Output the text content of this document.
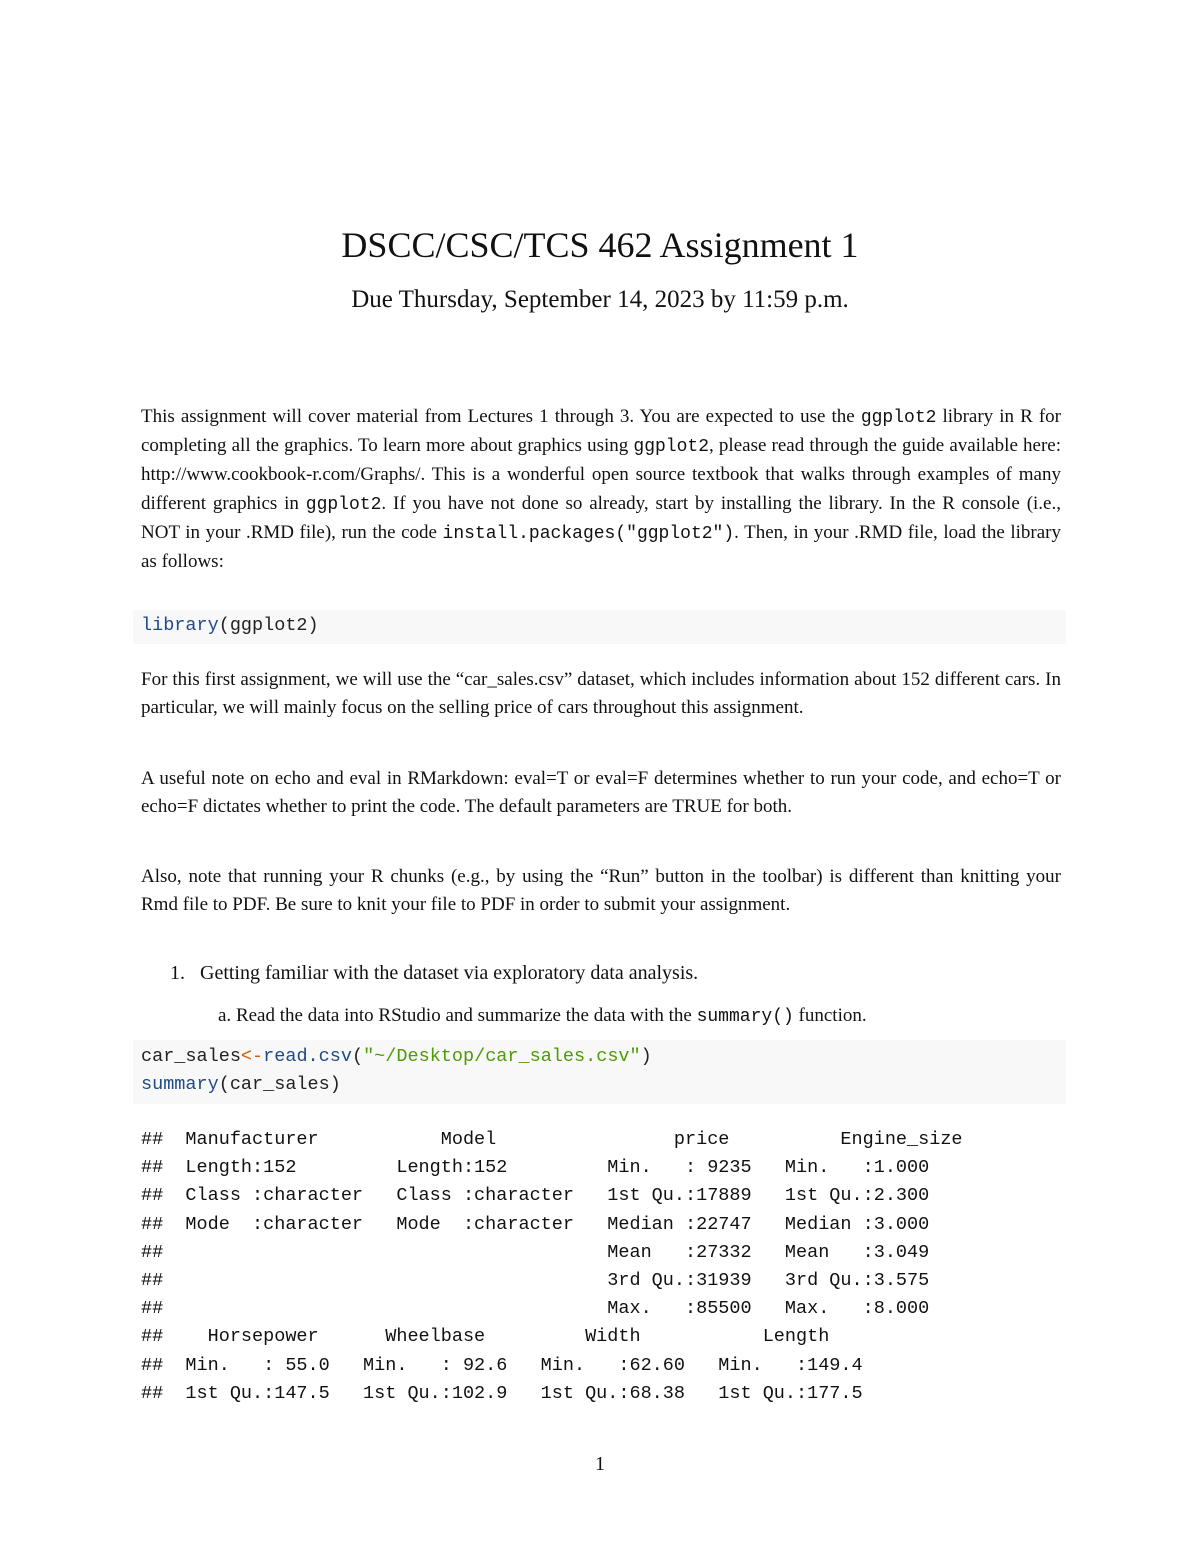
DSCC/CSC/TCS 462 Assignment 1
Due Thursday, September 14, 2023 by 11:59 p.m.
This assignment will cover material from Lectures 1 through 3. You are expected to use the ggplot2 library in R for completing all the graphics. To learn more about graphics using ggplot2, please read through the guide available here: http://www.cookbook-r.com/Graphs/. This is a wonderful open source textbook that walks through examples of many different graphics in ggplot2. If you have not done so already, start by installing the library. In the R console (i.e., NOT in your .RMD file), run the code install.packages("ggplot2"). Then, in your .RMD file, load the library as follows:
library(ggplot2)
For this first assignment, we will use the “car_sales.csv” dataset, which includes information about 152 different cars. In particular, we will mainly focus on the selling price of cars throughout this assignment.
A useful note on echo and eval in RMarkdown: eval=T or eval=F determines whether to run your code, and echo=T or echo=F dictates whether to print the code. The default parameters are TRUE for both.
Also, note that running your R chunks (e.g., by using the “Run” button in the toolbar) is different than knitting your Rmd file to PDF. Be sure to knit your file to PDF in order to submit your assignment.
1. Getting familiar with the dataset via exploratory data analysis.
a. Read the data into RStudio and summarize the data with the summary() function.
car_sales<-read.csv("~/Desktop/car_sales.csv")
summary(car_sales)
##  Manufacturer           Model                price          Engine_size
##  Length:152         Length:152         Min.   : 9235   Min.   :1.000
##  Class :character   Class :character   1st Qu.:17889   1st Qu.:2.300
##  Mode  :character   Mode  :character   Median :22747   Median :3.000
##                                        Mean   :27332   Mean   :3.049
##                                        3rd Qu.:31939   3rd Qu.:3.575
##                                        Max.   :85500   Max.   :8.000
##    Horsepower      Wheelbase         Width           Length
##  Min.   : 55.0   Min.   : 92.6   Min.   :62.60   Min.   :149.4
##  1st Qu.:147.5   1st Qu.:102.9   1st Qu.:68.38   1st Qu.:177.5
1
